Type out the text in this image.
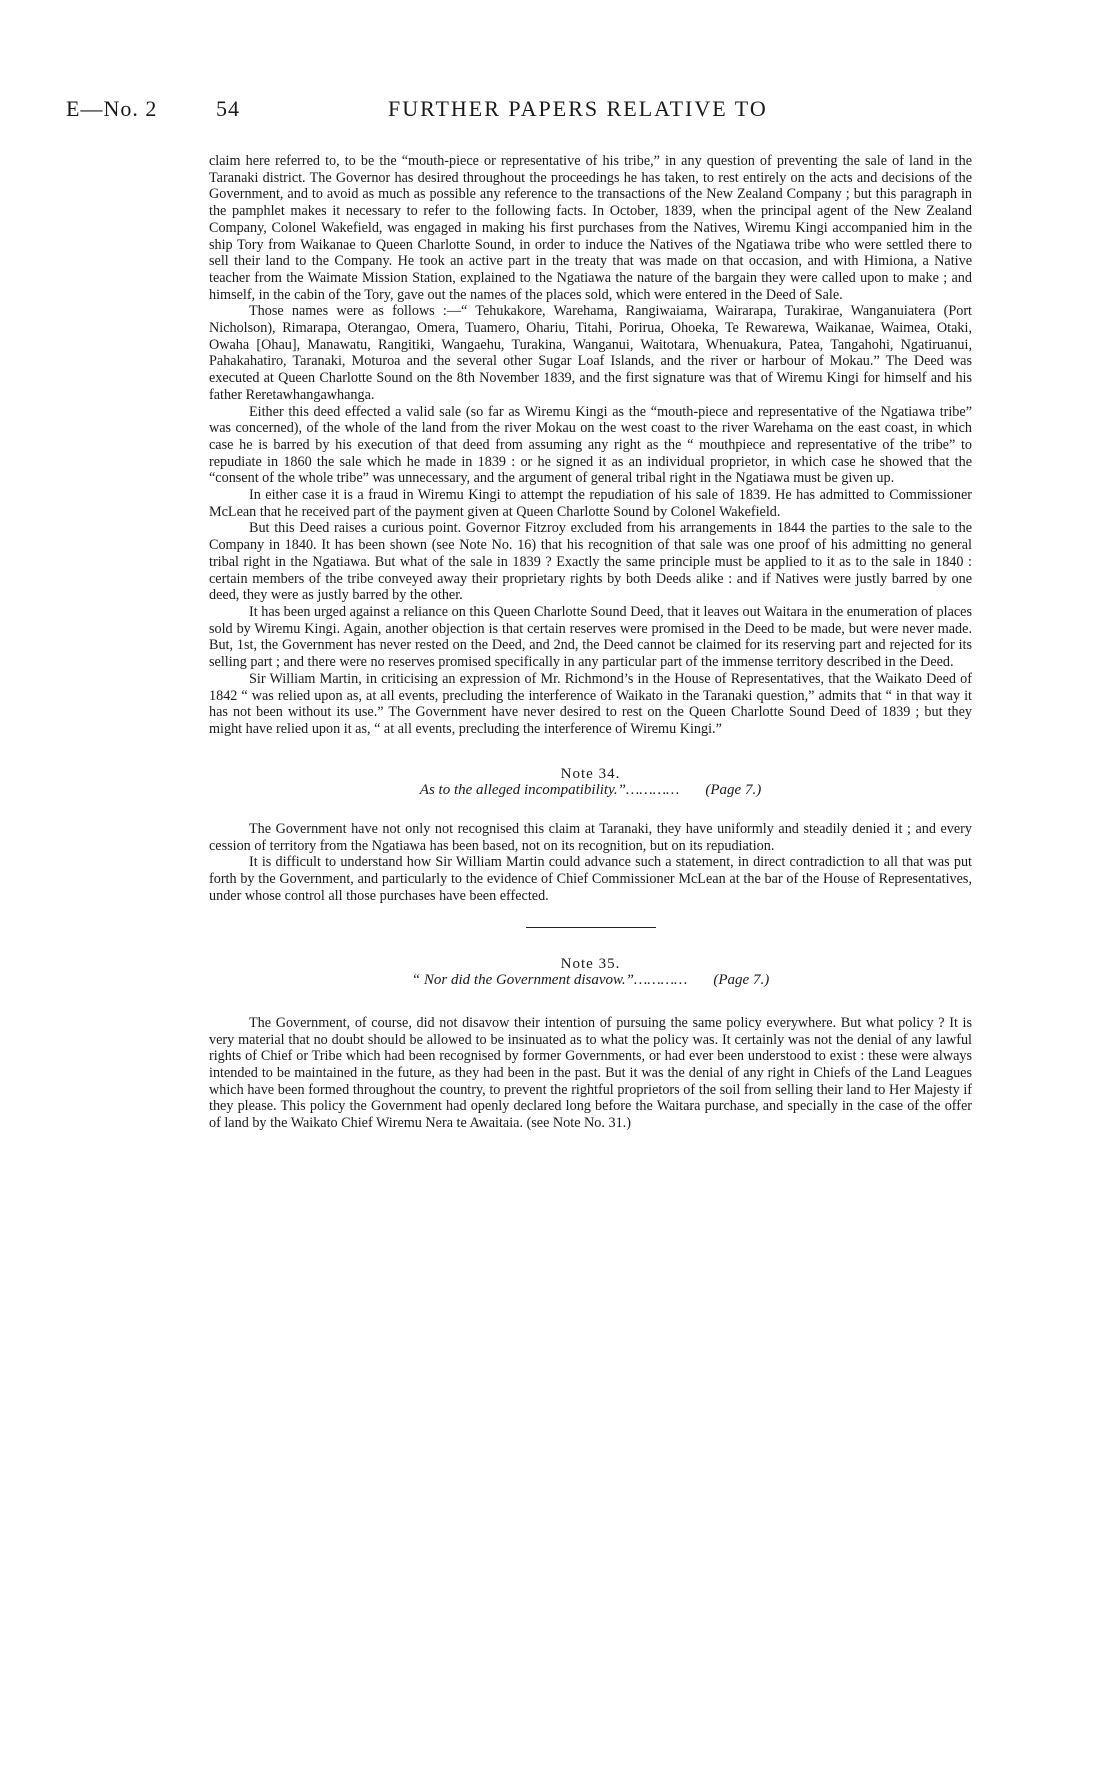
E—No. 2	54	FURTHER PAPERS RELATIVE TO

claim here referred to, to be the “mouth-piece or representative of his tribe,” in any question of preventing the sale of land in the Taranaki district. The Governor has desired throughout the proceedings he has taken, to rest entirely on the acts and decisions of the Government, and to avoid as much as possible any reference to the transactions of the New Zealand Company ; but this paragraph in the pamphlet makes it necessary to refer to the following facts. In October, 1839, when the principal agent of the New Zealand Company, Colonel Wakefield, was engaged in making his first purchases from the Natives, Wiremu Kingi accompanied him in the ship Tory from Waikanae to Queen Charlotte Sound, in order to induce the Natives of the Ngatiawa tribe who were settled there to sell their land to the Company. He took an active part in the treaty that was made on that occasion, and with Himiona, a Native teacher from the Waimate Mission Station, explained to the Ngatiawa the nature of the bargain they were called upon to make ; and himself, in the cabin of the Tory, gave out the names of the places sold, which were entered in the Deed of Sale.

Those names were as follows :—“ Tehukakore, Warehama, Rangiwaiama, Wairarapa, Turakirae, Wanganuiatera (Port Nicholson), Rimarapa, Oterangao, Omera, Tuamero, Ohariu, Titahi, Porirua, Ohoeka, Te Rewarewa, Waikanae, Waimea, Otaki, Owaha [Ohau], Manawatu, Rangitiki, Wangaehu, Turakina, Wanganui, Waitotara, Whenuakura, Patea, Tangahohi, Ngatiruanui, Pahakahatiro, Taranaki, Moturoa and the several other Sugar Loaf Islands, and the river or harbour of Mokau.” The Deed was executed at Queen Charlotte Sound on the 8th November 1839, and the first signature was that of Wiremu Kingi for himself and his father Reretawhangawhanga.

Either this deed effected a valid sale (so far as Wiremu Kingi as the “mouth-piece and representative of the Ngatiawa tribe” was concerned), of the whole of the land from the river Mokau on the west coast to the river Warehama on the east coast, in which case he is barred by his execution of that deed from assuming any right as the “ mouthpiece and representative of the tribe” to repudiate in 1860 the sale which he made in 1839 : or he signed it as an individual proprietor, in which case he showed that the “consent of the whole tribe” was unnecessary, and the argument of general tribal right in the Ngatiawa must be given up.

In either case it is a fraud in Wiremu Kingi to attempt the repudiation of his sale of 1839. He has admitted to Commissioner McLean that he received part of the payment given at Queen Charlotte Sound by Colonel Wakefield.

But this Deed raises a curious point. Governor Fitzroy excluded from his arrangements in 1844 the parties to the sale to the Company in 1840. It has been shown (see Note No. 16) that his recognition of that sale was one proof of his admitting no general tribal right in the Ngatiawa. But what of the sale in 1839 ? Exactly the same principle must be applied to it as to the sale in 1840 : certain members of the tribe conveyed away their proprietary rights by both Deeds alike : and if Natives were justly barred by one deed, they were as justly barred by the other.

It has been urged against a reliance on this Queen Charlotte Sound Deed, that it leaves out Waitara in the enumeration of places sold by Wiremu Kingi. Again, another objection is that certain reserves were promised in the Deed to be made, but were never made. But, 1st, the Government has never rested on the Deed, and 2nd, the Deed cannot be claimed for its reserving part and rejected for its selling part ; and there were no reserves promised specifically in any particular part of the immense territory described in the Deed.

Sir William Martin, in criticising an expression of Mr. Richmond’s in the House of Representatives, that the Waikato Deed of 1842 “ was relied upon as, at all events, precluding the interference of Waikato in the Taranaki question,” admits that “ in that way it has not been without its use.” The Government have never desired to rest on the Queen Charlotte Sound Deed of 1839 ; but they might have relied upon it as, “ at all events, precluding the interference of Wiremu Kingi.”

Note 34.

As to the alleged incompatibility.”………… (Page 7.)

The Government have not only not recognised this claim at Taranaki, they have uniformly and steadily denied it ; and every cession of territory from the Ngatiawa has been based, not on its recognition, but on its repudiation.

It is difficult to understand how Sir William Martin could advance such a statement, in direct contradiction to all that was put forth by the Government, and particularly to the evidence of Chief Commissioner McLean at the bar of the House of Representatives, under whose control all those purchases have been effected.

Note 35.

“ Nor did the Government disavow.”………… (Page 7.)

The Government, of course, did not disavow their intention of pursuing the same policy everywhere. But what policy ? It is very material that no doubt should be allowed to be insinuated as to what the policy was. It certainly was not the denial of any lawful rights of Chief or Tribe which had been recognised by former Governments, or had ever been understood to exist : these were always intended to be maintained in the future, as they had been in the past. But it was the denial of any right in Chiefs of the Land Leagues which have been formed throughout the country, to prevent the rightful proprietors of the soil from selling their land to Her Majesty if they please. This policy the Government had openly declared long before the Waitara purchase, and specially in the case of the offer of land by the Waikato Chief Wiremu Nera te Awaitaia. (see Note No. 31.)
